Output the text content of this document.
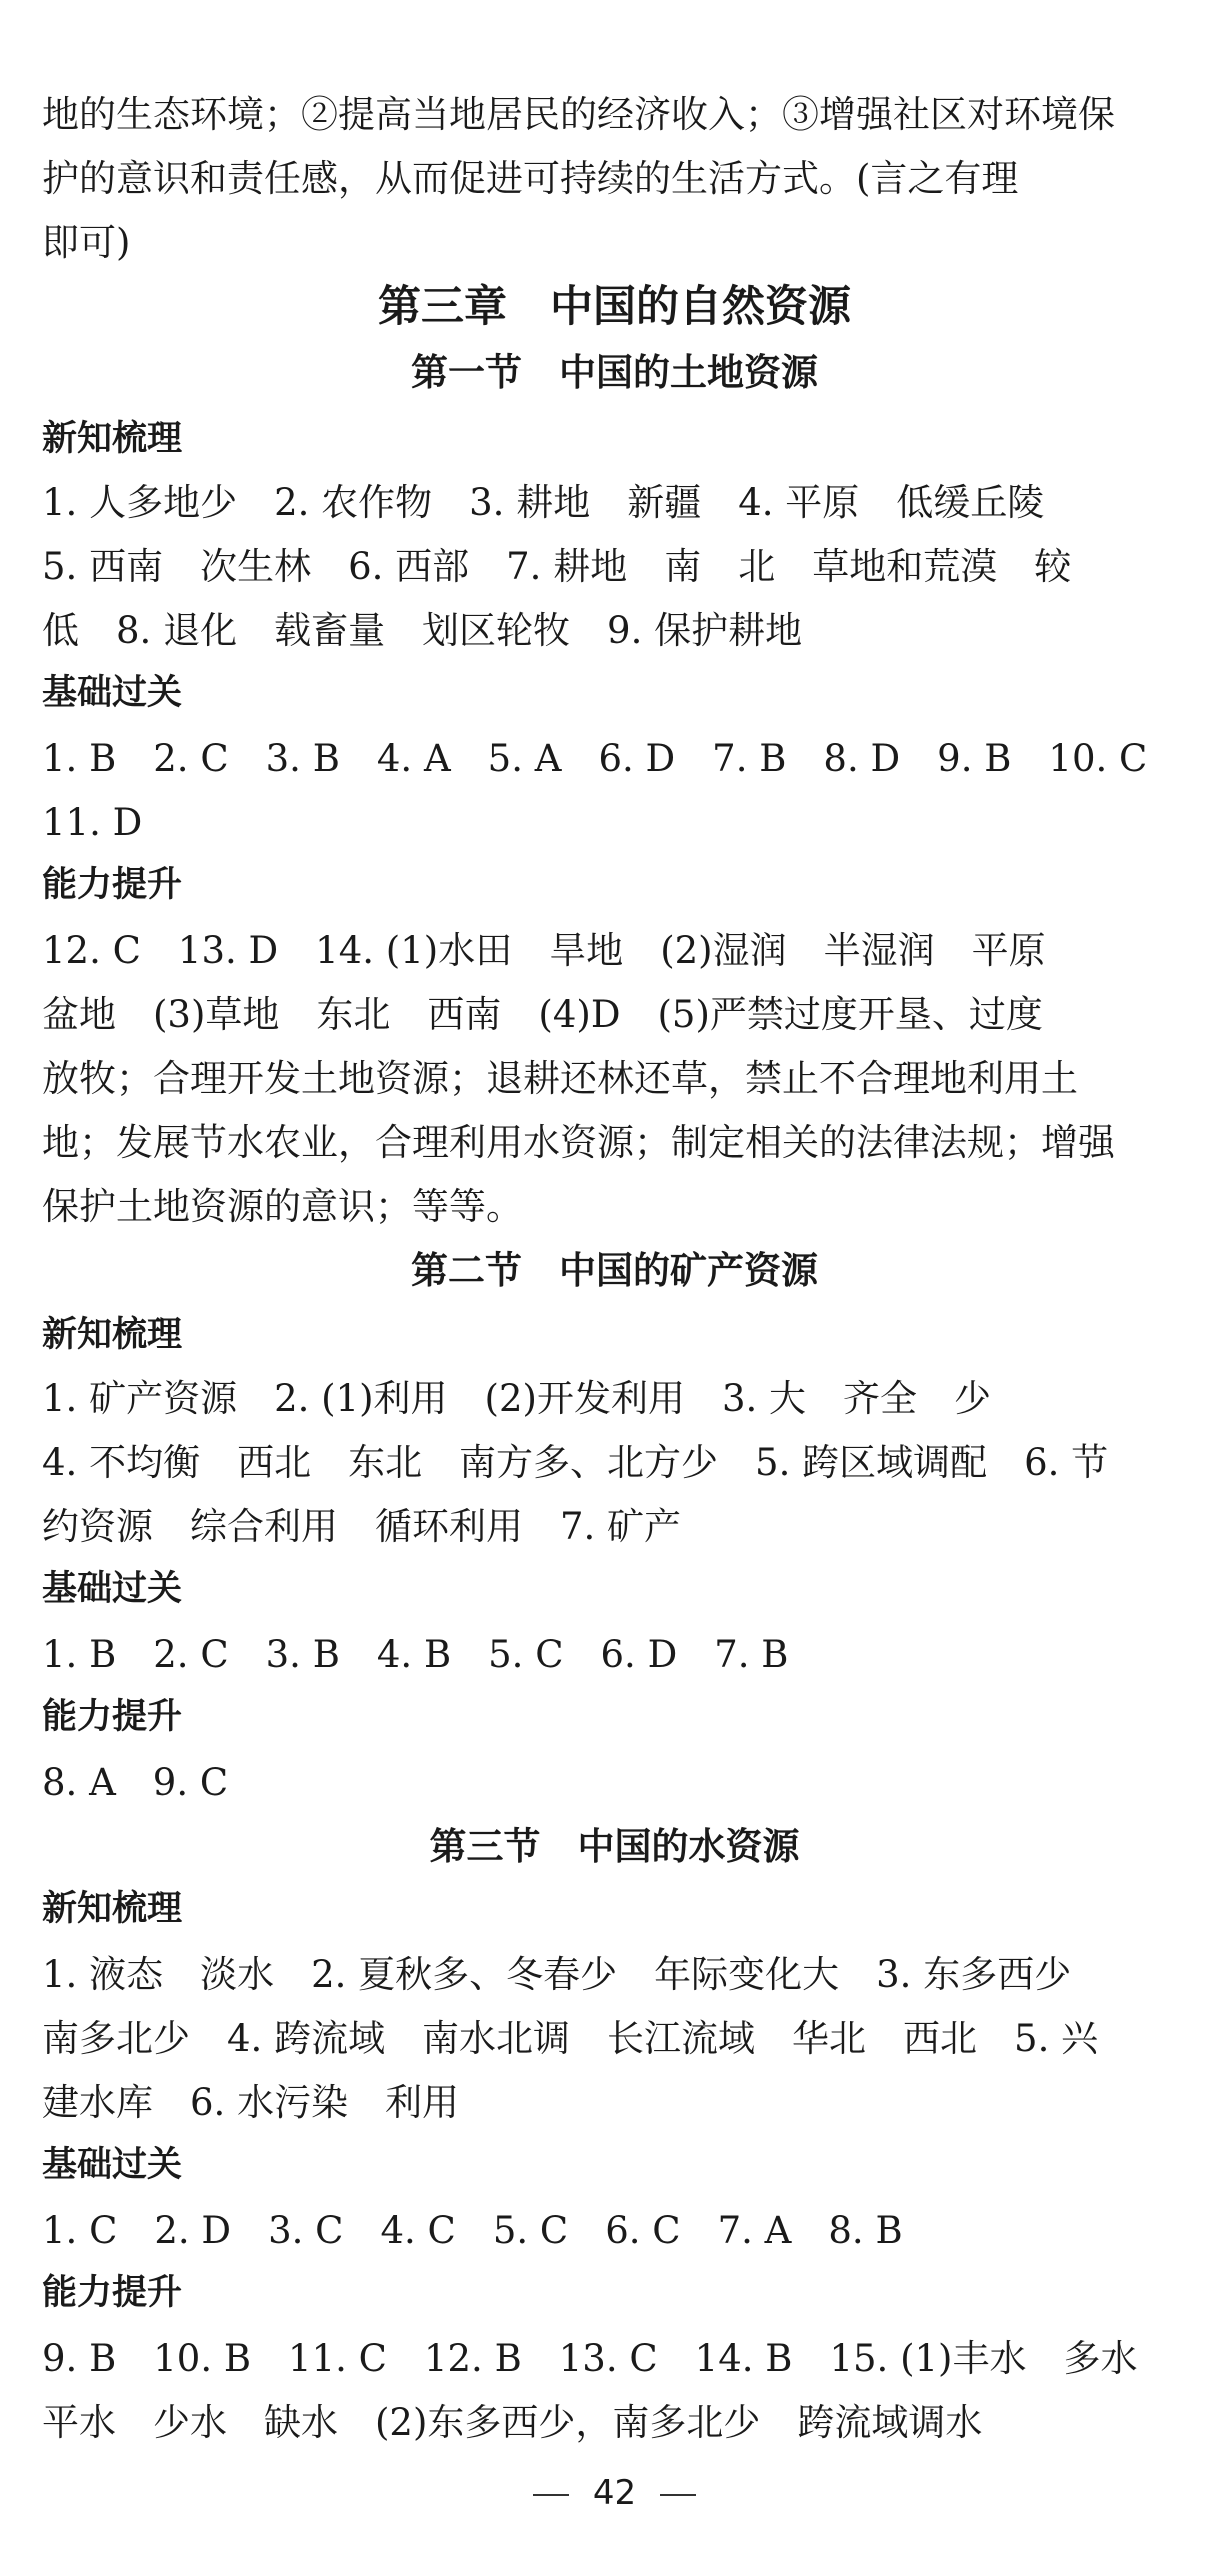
地的生态环境；②提高当地居民的经济收入；③增强社区对环境保
护的意识和责任感，从而促进可持续的生活方式。(言之有理
即可)
第三章　中国的自然资源
第一节　中国的土地资源
新知梳理
1. 人多地少　2. 农作物　3. 耕地　新疆　4. 平原　低缓丘陵
5. 西南　次生林　6. 西部　7. 耕地　南　北　草地和荒漠　较
低　8. 退化　载畜量　划区轮牧　9. 保护耕地
基础过关
1. B　2. C　3. B　4. A　5. A　6. D　7. B　8. D　9. B　10. C
11. D
能力提升
12. C　13. D　14. (1)水田　旱地　(2)湿润　半湿润　平原
盆地　(3)草地　东北　西南　(4)D　(5)严禁过度开垦、过度
放牧；合理开发土地资源；退耕还林还草，禁止不合理地利用土
地；发展节水农业，合理利用水资源；制定相关的法律法规；增强
保护土地资源的意识；等等。
第二节　中国的矿产资源
新知梳理
1. 矿产资源　2. (1)利用　(2)开发利用　3. 大　齐全　少
4. 不均衡　西北　东北　南方多、北方少　5. 跨区域调配　6. 节
约资源　综合利用　循环利用　7. 矿产
基础过关
1. B　2. C　3. B　4. B　5. C　6. D　7. B
能力提升
8. A　9. C
第三节　中国的水资源
新知梳理
1. 液态　淡水　2. 夏秋多、冬春少　年际变化大　3. 东多西少
南多北少　4. 跨流域　南水北调　长江流域　华北　西北　5. 兴
建水库　6. 水污染　利用
基础过关
1. C　2. D　3. C　4. C　5. C　6. C　7. A　8. B
能力提升
9. B　10. B　11. C　12. B　13. C　14. B　15. (1)丰水　多水
平水　少水　缺水　(2)东多西少，南多北少　跨流域调水
42
